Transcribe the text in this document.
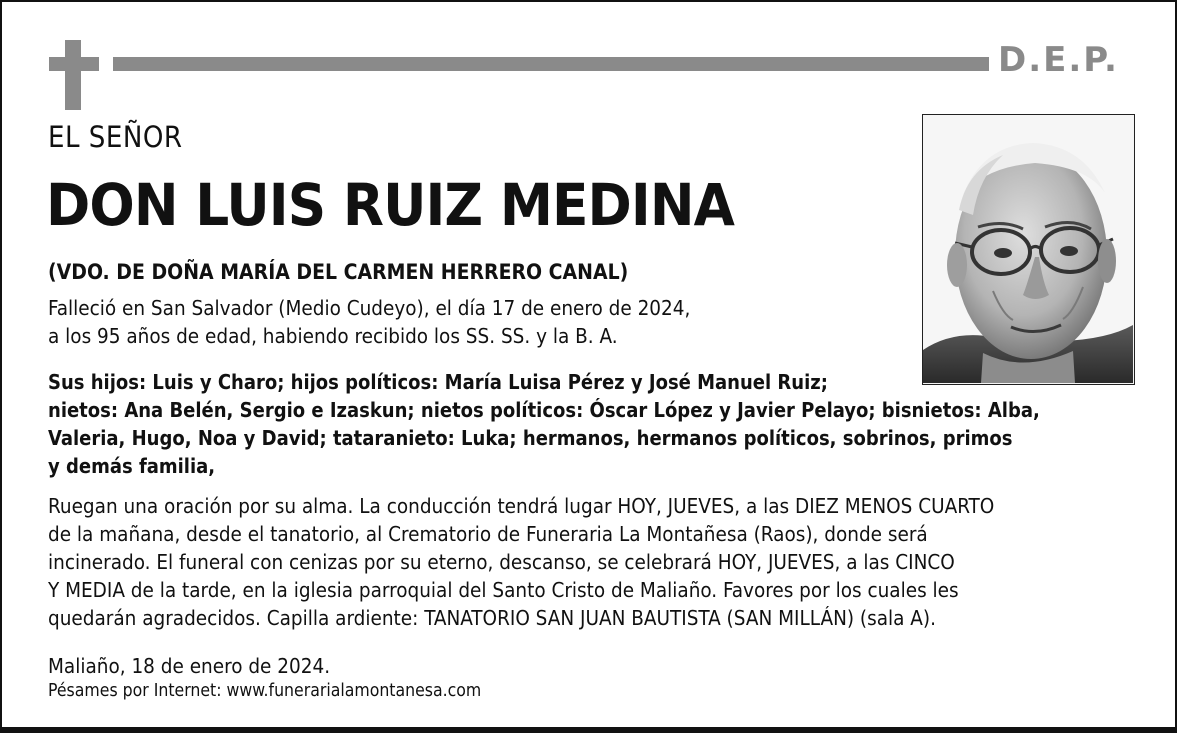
D.E.P.
EL SEÑOR
DON LUIS RUIZ MEDINA
(VDO. DE DOÑA MARÍA DEL CARMEN HERRERO CANAL)
Falleció en San Salvador (Medio Cudeyo), el día 17 de enero de 2024,
a los 95 años de edad, habiendo recibido los SS. SS. y la B. A.
Sus hijos: Luis y Charo; hijos políticos: María Luisa Pérez y José Manuel Ruiz;
nietos: Ana Belén, Sergio e Izaskun; nietos políticos: Óscar López y Javier Pelayo; bisnietos: Alba,
Valeria, Hugo, Noa y David; tataranieto: Luka; hermanos, hermanos políticos, sobrinos, primos
y demás familia,
Ruegan una oración por su alma. La conducción tendrá lugar HOY, JUEVES, a las DIEZ MENOS CUARTO
de la mañana, desde el tanatorio, al Crematorio de Funeraria La Montañesa (Raos), donde será
incinerado. El funeral con cenizas por su eterno, descanso, se celebrará HOY, JUEVES, a las CINCO
Y MEDIA de la tarde, en la iglesia parroquial del Santo Cristo de Maliaño. Favores por los cuales les
quedarán agradecidos. Capilla ardiente: TANATORIO SAN JUAN BAUTISTA (SAN MILLÁN) (sala A).
Maliaño, 18 de enero de 2024.
Pésames por Internet: www.funerarialamontanesa.com
